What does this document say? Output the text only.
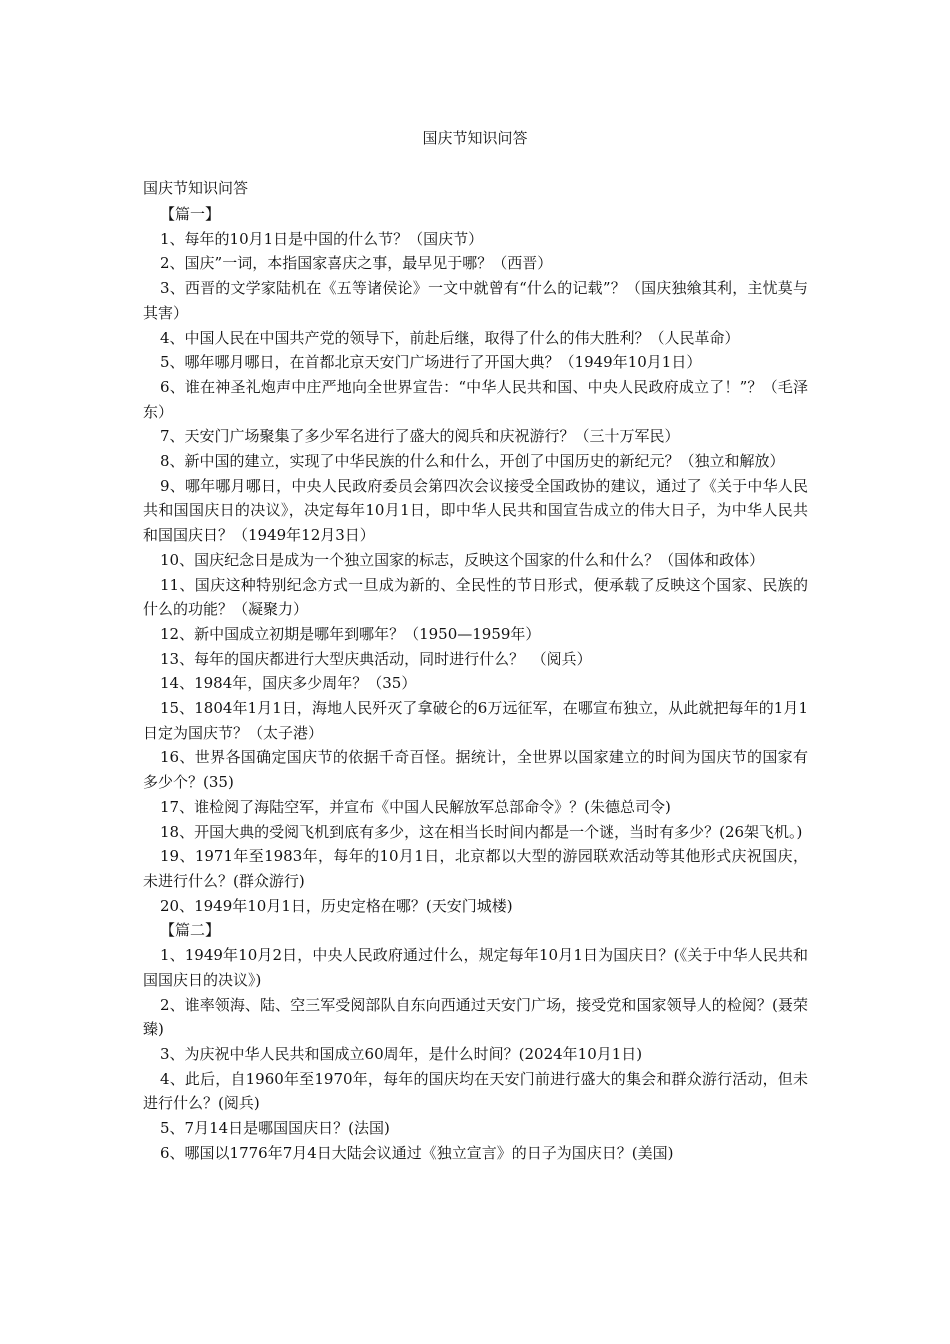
国庆节知识问答
国庆节知识问答

【篇一】

1、每年的10月1日是中国的什么节？（国庆节）

2、国庆”一词，本指国家喜庆之事，最早见于哪？（西晋）

3、西晋的文学家陆机在《五等诸侯论》一文中就曾有“什么的记载”？（国庆独飨其利，主忧莫与其害）

4、中国人民在中国共产党的领导下，前赴后继，取得了什么的伟大胜利？（人民革命）

5、哪年哪月哪日，在首都北京天安门广场进行了开国大典？（1949年10月1日）

6、谁在神圣礼炮声中庄严地向全世界宣告：“中华人民共和国、中央人民政府成立了！”？（毛泽东）

7、天安门广场聚集了多少军名进行了盛大的阅兵和庆祝游行？（三十万军民）

8、新中国的建立，实现了中华民族的什么和什么，开创了中国历史的新纪元？（独立和解放）

9、哪年哪月哪日，中央人民政府委员会第四次会议接受全国政协的建议，通过了《关于中华人民共和国国庆日的决议》，决定每年10月1日，即中华人民共和国宣告成立的伟大日子，为中华人民共和国国庆日？（1949年12月3日）

10、国庆纪念日是成为一个独立国家的标志，反映这个国家的什么和什么？（国体和政体）

11、国庆这种特别纪念方式一旦成为新的、全民性的节日形式，便承载了反映这个国家、民族的什么的功能？（凝聚力）

12、新中国成立初期是哪年到哪年？（1950—1959年）

13、每年的国庆都进行大型庆典活动，同时进行什么？　（阅兵）

14、1984年，国庆多少周年？（35）

15、1804年1月1日，海地人民歼灭了拿破仑的6万远征军，在哪宣布独立，从此就把每年的1月1日定为国庆节？（太子港）

16、世界各国确定国庆节的依据千奇百怪。据统计，全世界以国家建立的时间为国庆节的国家有多少个？(35)

17、谁检阅了海陆空军，并宣布《中国人民解放军总部命令》？(朱德总司令)

18、开国大典的受阅飞机到底有多少，这在相当长时间内都是一个谜，当时有多少？(26架飞机。)

19、1971年至1983年，每年的10月1日，北京都以大型的游园联欢活动等其他形式庆祝国庆，未进行什么？(群众游行)

20、1949年10月1日，历史定格在哪？(天安门城楼)

【篇二】

1、1949年10月2日，中央人民政府通过什么，规定每年10月1日为国庆日？(《关于中华人民共和国国庆日的决议》)

2、谁率领海、陆、空三军受阅部队自东向西通过天安门广场，接受党和国家领导人的检阅？(聂荣臻)

3、为庆祝中华人民共和国成立60周年，是什么时间？(2024年10月1日)

4、此后，自1960年至1970年，每年的国庆均在天安门前进行盛大的集会和群众游行活动，但未进行什么？(阅兵)

5、7月14日是哪国国庆日？(法国)

6、哪国以1776年7月4日大陆会议通过《独立宣言》的日子为国庆日？(美国)
